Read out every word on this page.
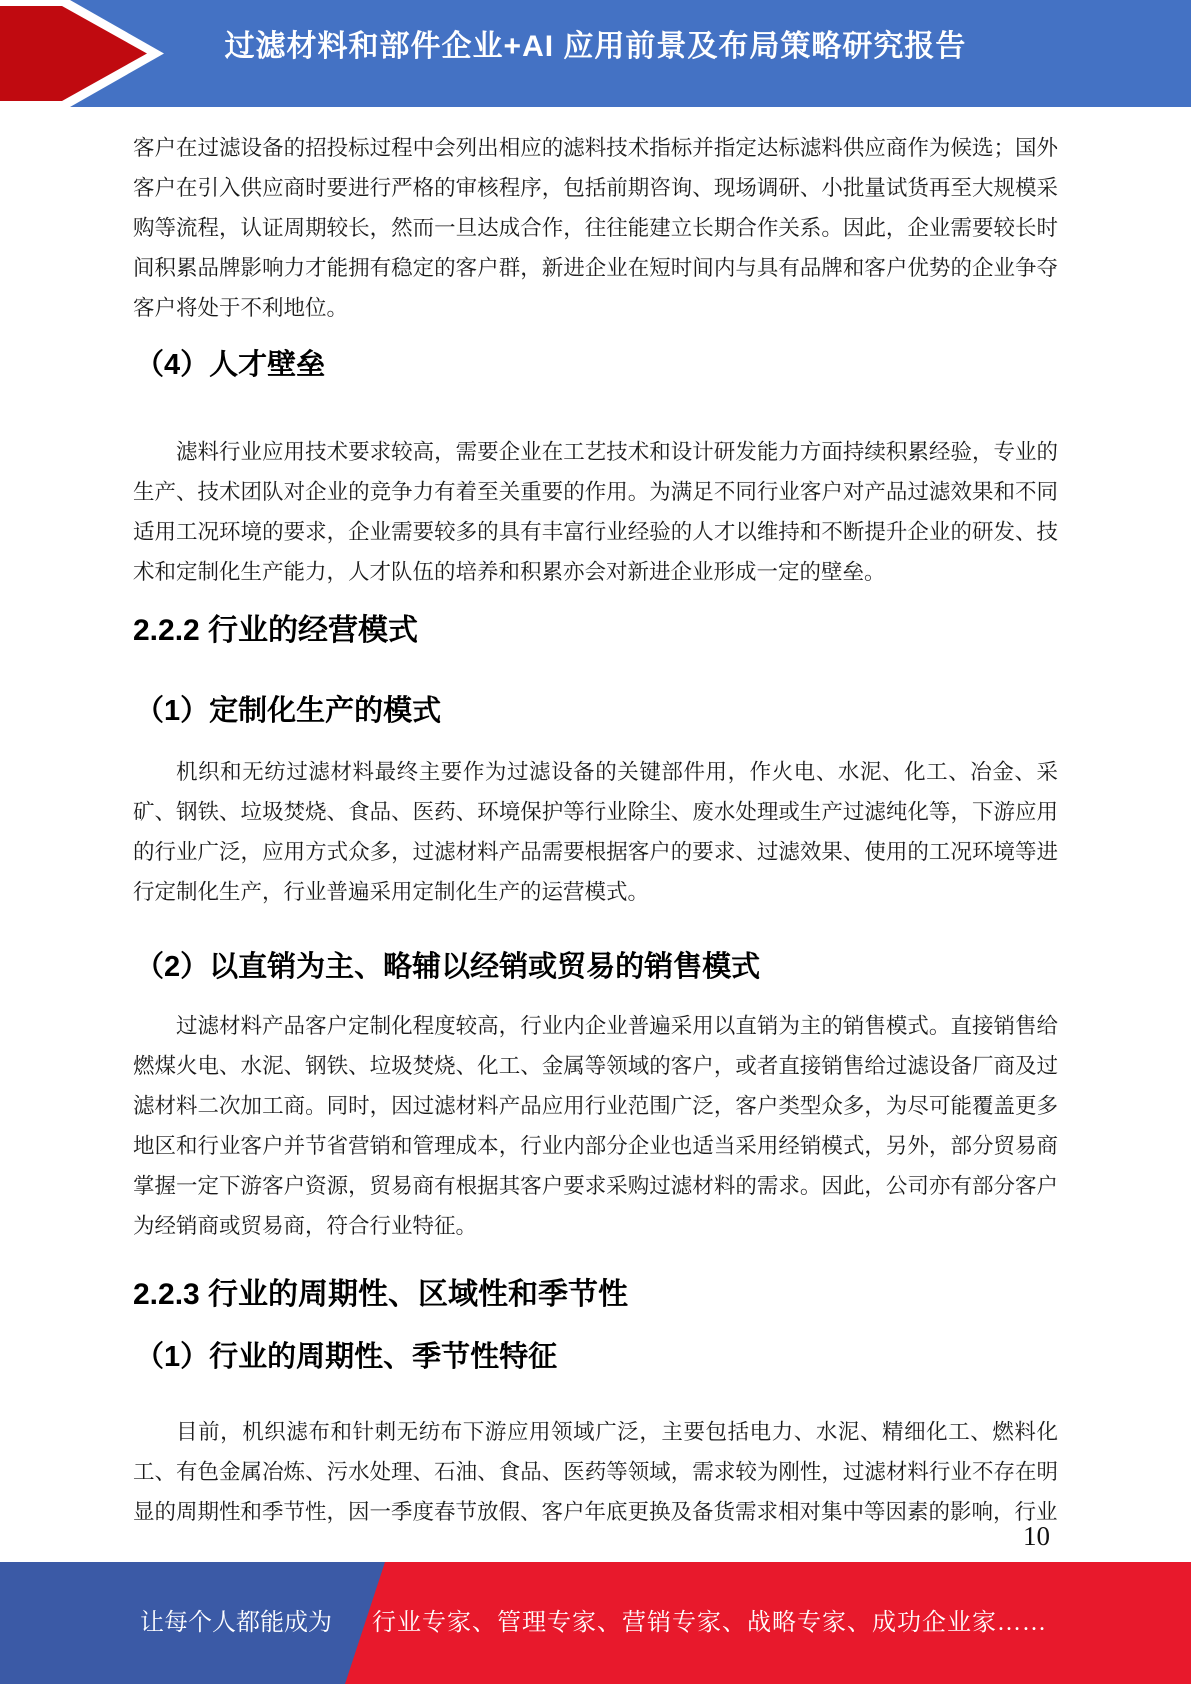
过滤材料和部件企业+AI 应用前景及布局策略研究报告

客户在过滤设备的招投标过程中会列出相应的滤料技术指标并指定达标滤料供应商作为候选；国外客户在引入供应商时要进行严格的审核程序，包括前期咨询、现场调研、小批量试货再至大规模采购等流程，认证周期较长，然而一旦达成合作，往往能建立长期合作关系。因此，企业需要较长时间积累品牌影响力才能拥有稳定的客户群，新进企业在短时间内与具有品牌和客户优势的企业争夺客户将处于不利地位。

（4）人才壁垒

滤料行业应用技术要求较高，需要企业在工艺技术和设计研发能力方面持续积累经验，专业的生产、技术团队对企业的竞争力有着至关重要的作用。为满足不同行业客户对产品过滤效果和不同适用工况环境的要求，企业需要较多的具有丰富行业经验的人才以维持和不断提升企业的研发、技术和定制化生产能力，人才队伍的培养和积累亦会对新进企业形成一定的壁垒。

2.2.2 行业的经营模式
（1）定制化生产的模式

机织和无纺过滤材料最终主要作为过滤设备的关键部件用，作火电、水泥、化工、冶金、采矿、钢铁、垃圾焚烧、食品、医药、环境保护等行业除尘、废水处理或生产过滤纯化等，下游应用的行业广泛，应用方式众多，过滤材料产品需要根据客户的要求、过滤效果、使用的工况环境等进行定制化生产，行业普遍采用定制化生产的运营模式。

（2）以直销为主、略辅以经销或贸易的销售模式

过滤材料产品客户定制化程度较高，行业内企业普遍采用以直销为主的销售模式。直接销售给燃煤火电、水泥、钢铁、垃圾焚烧、化工、金属等领域的客户，或者直接销售给过滤设备厂商及过滤材料二次加工商。同时，因过滤材料产品应用行业范围广泛，客户类型众多，为尽可能覆盖更多地区和行业客户并节省营销和管理成本，行业内部分企业也适当采用经销模式，另外，部分贸易商掌握一定下游客户资源，贸易商有根据其客户要求采购过滤材料的需求。因此，公司亦有部分客户为经销商或贸易商，符合行业特征。

2.2.3 行业的周期性、区域性和季节性
（1）行业的周期性、季节性特征

目前，机织滤布和针刺无纺布下游应用领域广泛，主要包括电力、水泥、精细化工、燃料化工、有色金属冶炼、污水处理、石油、食品、医药等领域，需求较为刚性，过滤材料行业不存在明显的周期性和季节性，因一季度春节放假、客户年底更换及备货需求相对集中等因素的影响，行业

10
让每个人都能成为 行业专家、管理专家、营销专家、战略专家、成功企业家……
